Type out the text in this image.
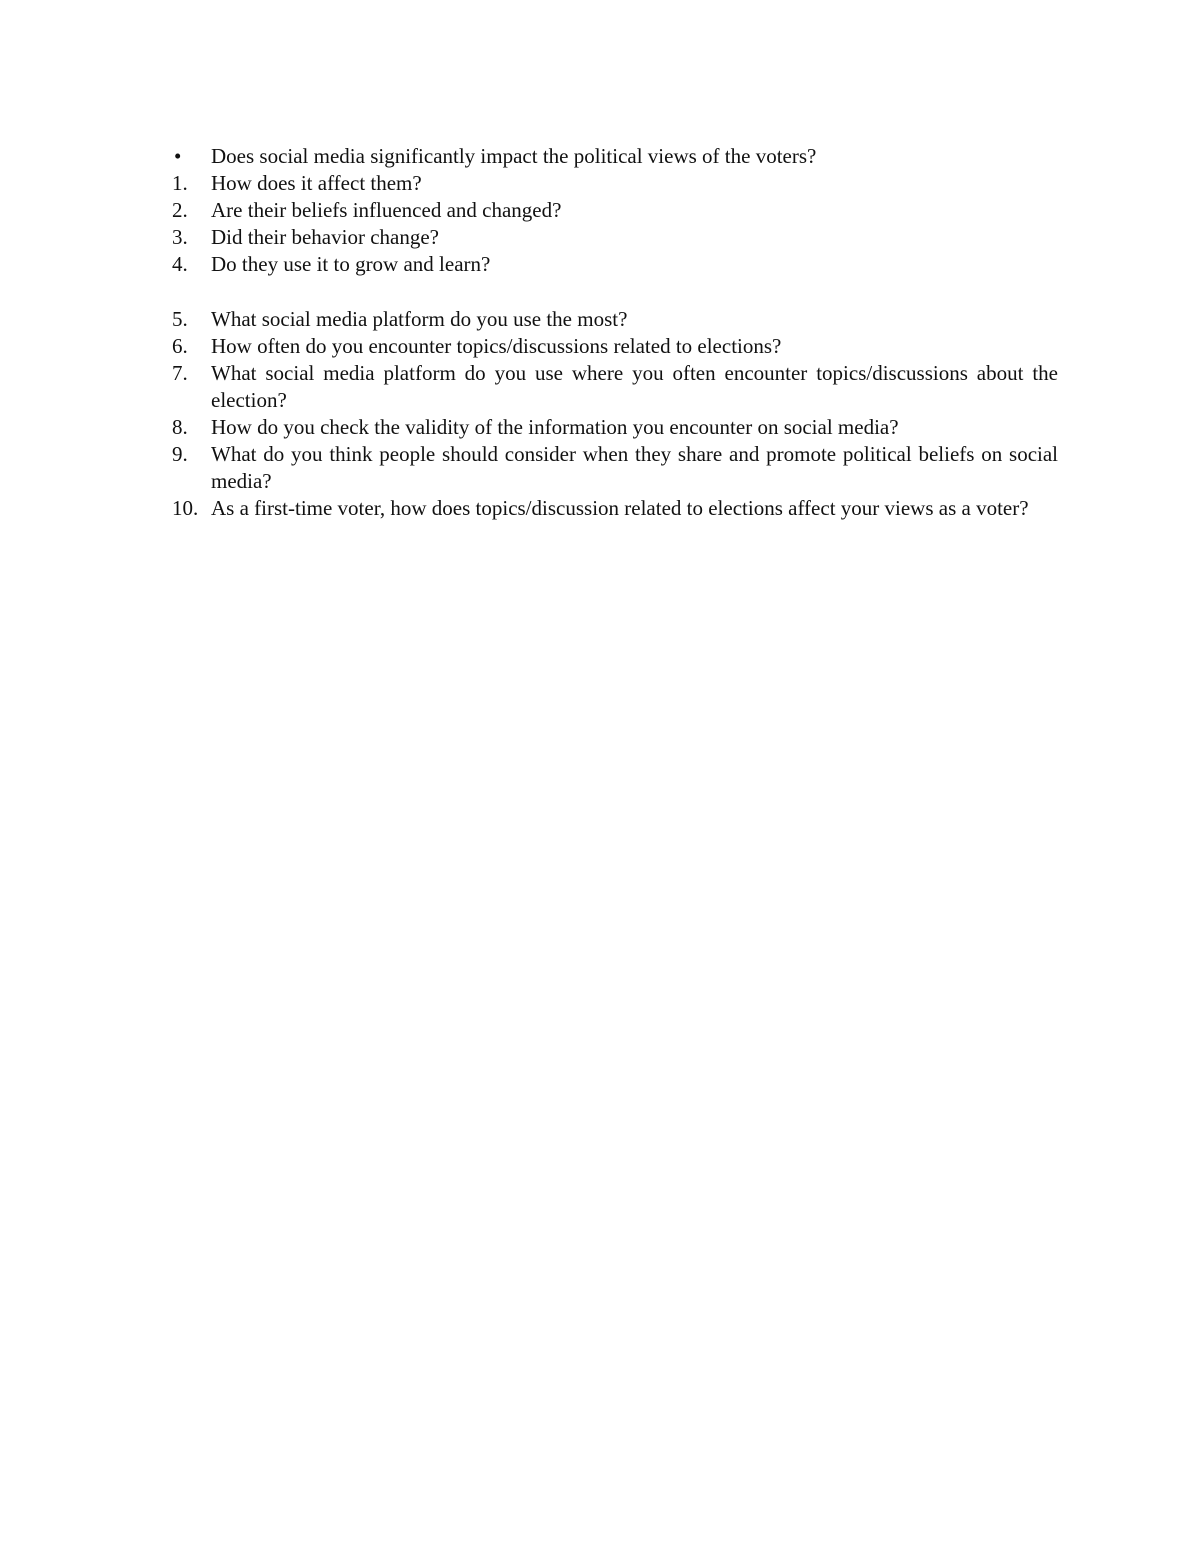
•	Does social media significantly impact the political views of the voters?
1.	How does it affect them?
2.	Are their beliefs influenced and changed?
3.	Did their behavior change?
4.	Do they use it to grow and learn?
5.	What social media platform do you use the most?
6.	How often do you encounter topics/discussions related to elections?
7.	What social media platform do you use where you often encounter topics/discussions about the election?
8.	How do you check the validity of the information you encounter on social media?
9.	What do you think people should consider when they share and promote political beliefs on social media?
10. As a first-time voter, how does topics/discussion related to elections affect your views as a voter?
